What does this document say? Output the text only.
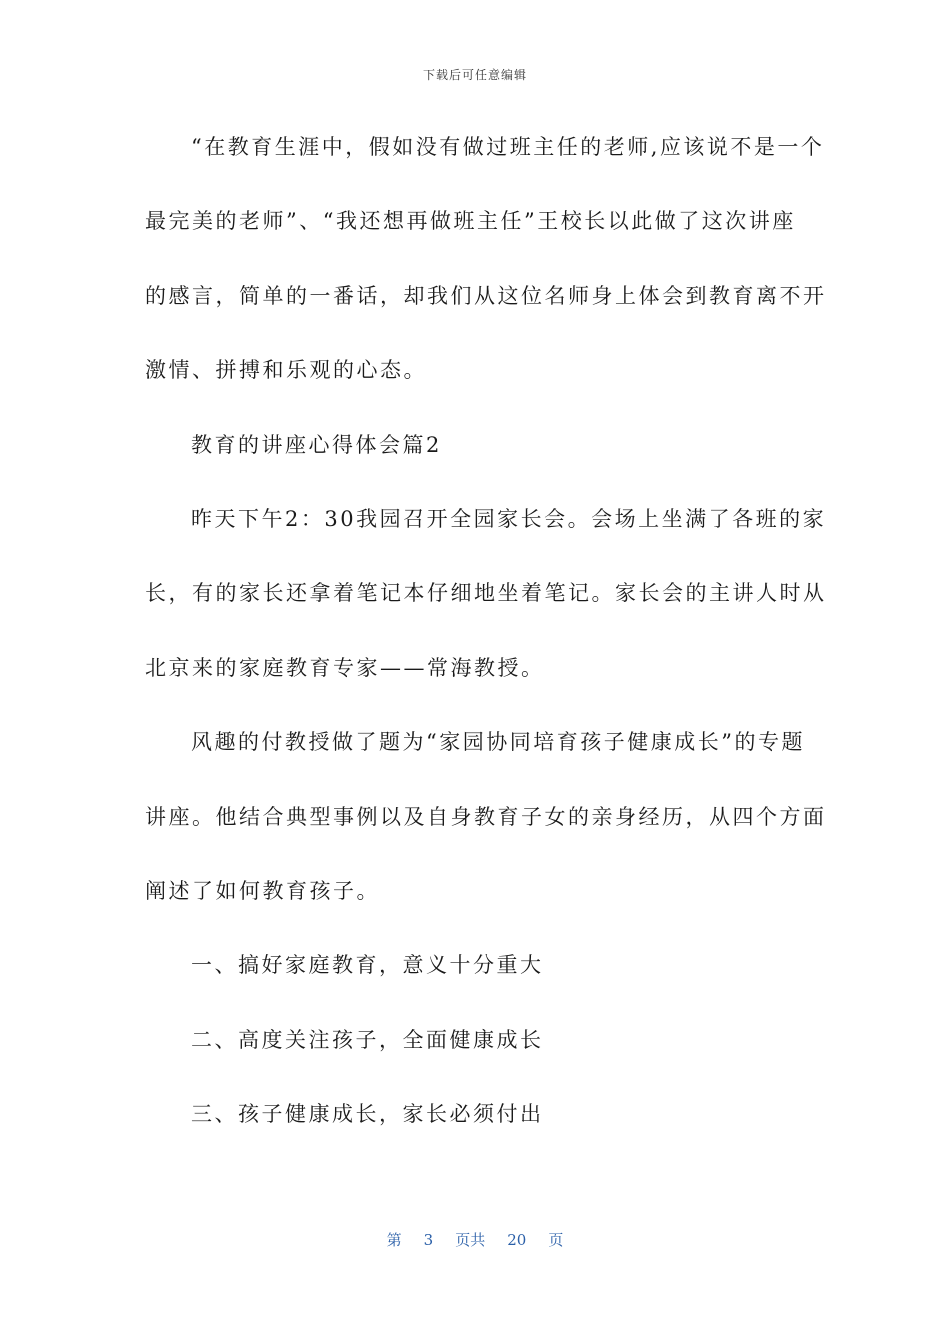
下载后可任意编辑
“在教育生涯中，假如没有做过班主任的老师,应该说不是一个
最完美的老师”、“我还想再做班主任”王校长以此做了这次讲座
的感言，简单的一番话，却我们从这位名师身上体会到教育离不开
激情、拼搏和乐观的心态。
教育的讲座心得体会篇2
昨天下午2：30我园召开全园家长会。会场上坐满了各班的家
长，有的家长还拿着笔记本仔细地坐着笔记。家长会的主讲人时从
北京来的家庭教育专家——常海教授。
风趣的付教授做了题为“家园协同培育孩子健康成长”的专题
讲座。他结合典型事例以及自身教育子女的亲身经历，从四个方面
阐述了如何教育孩子。
一、搞好家庭教育，意义十分重大
二、高度关注孩子，全面健康成长
三、孩子健康成长，家长必须付出
第 3 页共 20 页
